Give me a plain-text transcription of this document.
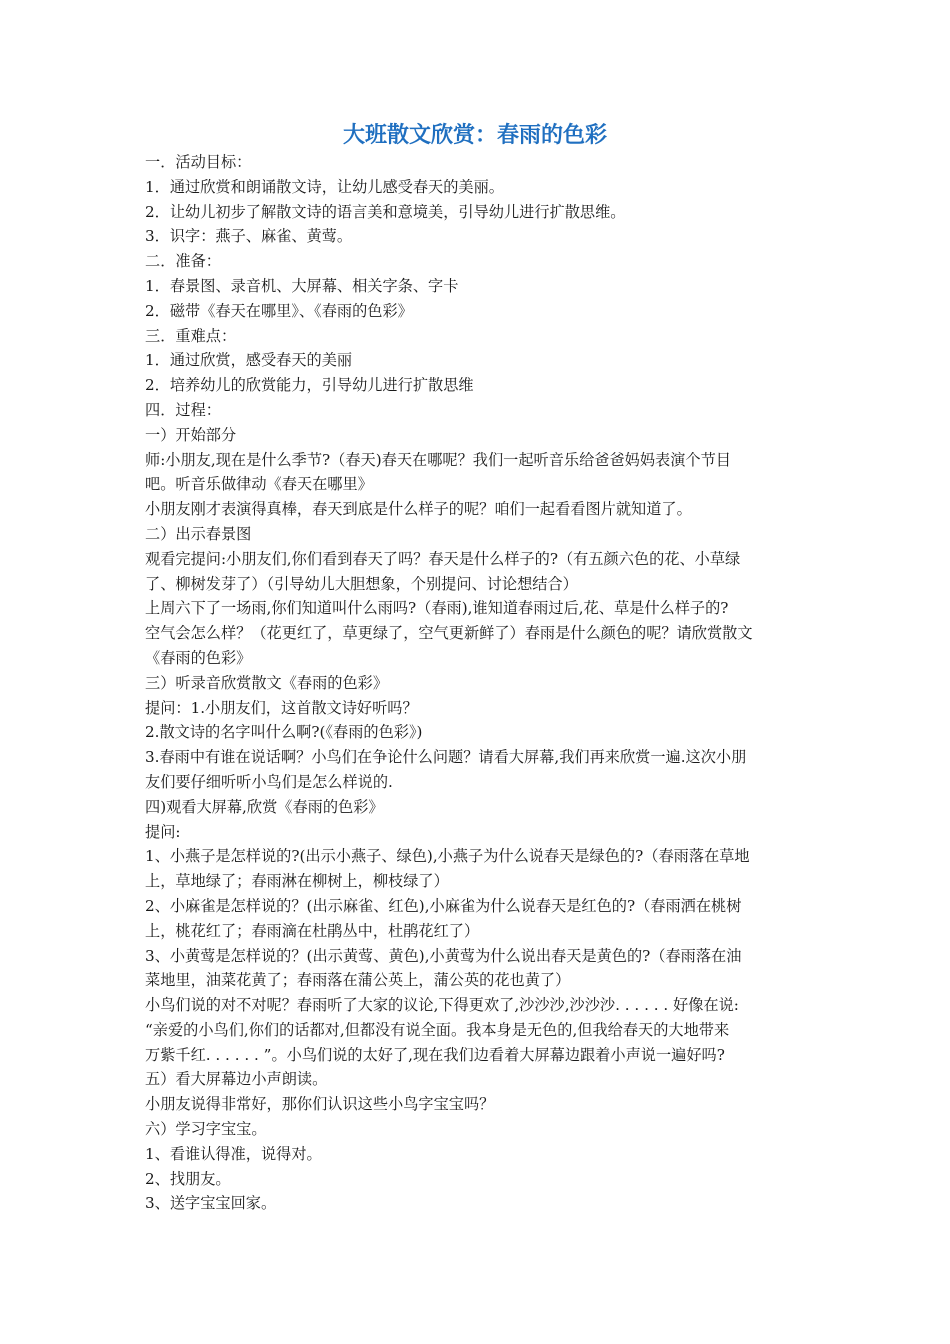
大班散文欣赏：春雨的色彩

一．活动目标：

1．通过欣赏和朗诵散文诗，让幼儿感受春天的美丽。

2．让幼儿初步了解散文诗的语言美和意境美，引导幼儿进行扩散思维。

3．识字：燕子、麻雀、黄莺。

二．准备：

1．春景图、录音机、大屏幕、相关字条、字卡

2．磁带《春天在哪里》、《春雨的色彩》

三．重难点：

1．通过欣赏，感受春天的美丽

2．培养幼儿的欣赏能力，引导幼儿进行扩散思维

四．过程：

一）开始部分

师:小朋友,现在是什么季节?（春天)春天在哪呢？我们一起听音乐给爸爸妈妈表演个节目

吧。听音乐做律动《春天在哪里》

小朋友刚才表演得真棒，春天到底是什么样子的呢？咱们一起看看图片就知道了。

二）出示春景图

观看完提问:小朋友们,你们看到春天了吗？春天是什么样子的?（有五颜六色的花、小草绿

了、柳树发芽了）（引导幼儿大胆想象，个别提问、讨论想结合）

上周六下了一场雨,你们知道叫什么雨吗?（春雨),谁知道春雨过后,花、草是什么样子的?

空气会怎么样？（花更红了，草更绿了，空气更新鲜了）春雨是什么颜色的呢？请欣赏散文

《春雨的色彩》

三）听录音欣赏散文《春雨的色彩》

提问：1.小朋友们，这首散文诗好听吗？

2.散文诗的名字叫什么啊?(《春雨的色彩》)

3.春雨中有谁在说话啊？小鸟们在争论什么问题？请看大屏幕,我们再来欣赏一遍.这次小朋

友们要仔细听听小鸟们是怎么样说的.

四)观看大屏幕,欣赏《春雨的色彩》

提问:

1、小燕子是怎样说的?(出示小燕子、绿色),小燕子为什么说春天是绿色的?（春雨落在草地

上，草地绿了；春雨淋在柳树上，柳枝绿了）

2、小麻雀是怎样说的？(出示麻雀、红色),小麻雀为什么说春天是红色的?（春雨洒在桃树

上，桃花红了；春雨滴在杜鹃丛中，杜鹃花红了）

3、小黄莺是怎样说的？(出示黄莺、黄色),小黄莺为什么说出春天是黄色的?（春雨落在油

菜地里，油菜花黄了；春雨落在蒲公英上，蒲公英的花也黄了）

小鸟们说的对不对呢？春雨听了大家的议论,下得更欢了,沙沙沙,沙沙沙. . . . . . 好像在说:

“亲爱的小鸟们,你们的话都对,但都没有说全面。我本身是无色的,但我给春天的大地带来

万紫千红. . . . . . ”。小鸟们说的太好了,现在我们边看着大屏幕边跟着小声说一遍好吗?

五）看大屏幕边小声朗读。

小朋友说得非常好，那你们认识这些小鸟字宝宝吗？

六）学习字宝宝。

1、看谁认得准，说得对。

2、找朋友。

3、送字宝宝回家。
